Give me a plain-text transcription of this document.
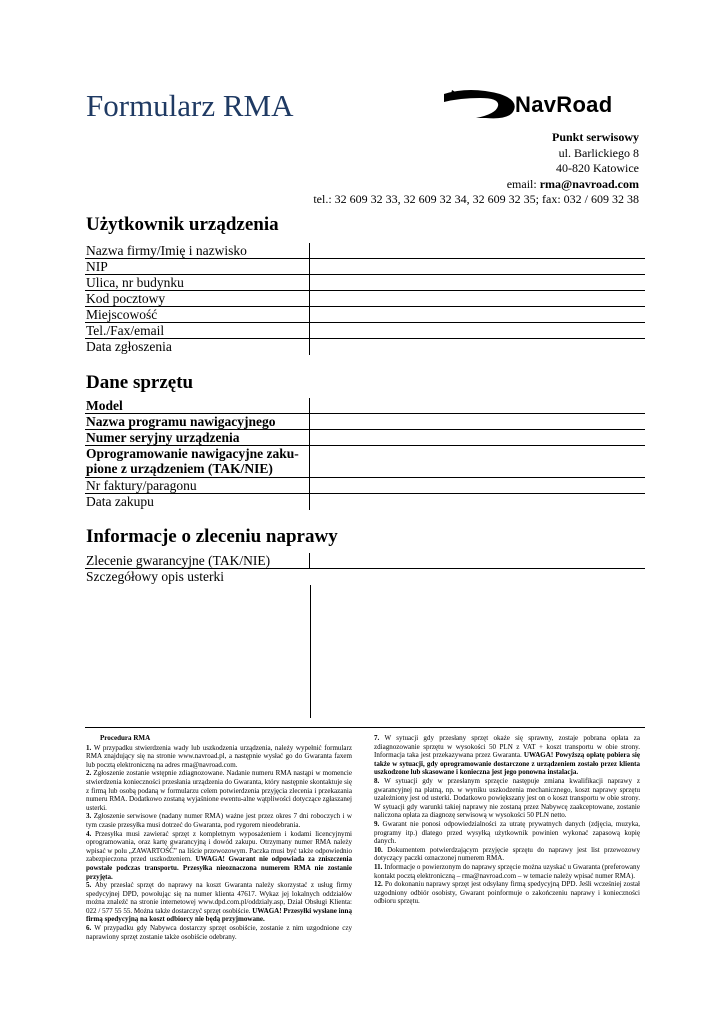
Formularz RMA	NavRoad
Punkt serwisowy
ul. Barlickiego 8
40-820 Katowice
email: rma@navroad.com
tel.: 32 609 32 33, 32 609 32 34, 32 609 32 35; fax: 032 / 609 32 38
Użytkownik urządzenia
Nazwa firmy/Imię i nazwisko
NIP
Ulica, nr budynku
Kod pocztowy
Miejscowość
Tel./Fax/email
Data zgłoszenia
Dane sprzętu
Model
Nazwa programu nawigacyjnego
Numer seryjny urządzenia
Oprogramowanie nawigacyjne zaku-pione z urządzeniem (TAK/NIE)
Nr faktury/paragonu
Data zakupu
Informacje o zleceniu naprawy
Zlecenie gwarancyjne (TAK/NIE)
Szczegółowy opis usterki
Procedura RMA

1. W przypadku stwierdzenia wady lub uszkodzenia urządzenia, należy wypełnić formularz RMA znajdujący się na stronie www.navroad.pl, a następnie wysłać go do Gwaranta faxem lub pocztą elektroniczną na adres rma@navroad.com.

2. Zgłoszenie zostanie wstępnie zdiagnozowane. Nadanie numeru RMA nastąpi w momencie stwierdzenia konieczności przesłania urządzenia do Gwaranta, który następnie skontaktuje się z firmą lub osobą podaną w formularzu celem potwierdzenia przyjęcia zlecenia i przekazania numeru RMA. Dodatkowo zostaną wyjaśnione ewentu-alne wątpliwości dotyczące zgłaszanej usterki.

3. Zgłoszenie serwisowe (nadany numer RMA) ważne jest przez okres 7 dni roboczych i w tym czasie przesyłka musi dotrzeć do Gwaranta, pod rygorem nieodebrania.

4. Przesyłka musi zawierać sprzęt z kompletnym wyposażeniem i kodami licencyjnymi oprogramowania, oraz kartę gwarancyjną i dowód zakupu. Otrzymany numer RMA należy wpisać w polu „ZAWARTOŚĆ” na liście przewozowym. Paczka musi być także odpowiednio zabezpieczona przed uszkodzeniem. UWAGA! Gwarant nie odpowiada za zniszczenia powstałe podczas transportu. Przesyłka nieoznaczona numerem RMA nie zostanie przyjęta.

5. Aby przesłać sprzęt do naprawy na koszt Gwaranta należy skorzystać z usług firmy spedycyjnej DPD, powołując się na numer klienta 47617. Wykaz jej lokalnych oddziałów można znaleźć na stronie internetowej www.dpd.com.pl/oddzialy.asp, Dział Obsługi Klienta: 022 / 577 55 55. Można także dostarczyć sprzęt osobiście. UWAGA! Przesyłki wysłane inną firmą spedycyjną na koszt odbiorcy nie będą przyjmowane.

6. W przypadku gdy Nabywca dostarczy sprzęt osobiście, zostanie z nim uzgodnione czy naprawiony sprzęt zostanie także osobiście odebrany.

7. W sytuacji gdy przesłany sprzęt okaże się sprawny, zostaje pobrana opłata za zdiagnozowanie sprzętu w wysokości 50 PLN z VAT + koszt transportu w obie strony. Informacja taka jest przekazywana przez Gwaranta. UWAGA! Powyższą opłatę pobiera się także w sytuacji, gdy oprogramowanie dostarczone z urządzeniem zostało przez klienta uszkodzone lub skasowane i konieczna jest jego ponowna instalacja.

8. W sytuacji gdy w przesłanym sprzęcie następuje zmiana kwalifikacji naprawy z gwarancyjnej na płatną, np. w wyniku uszkodzenia mechanicznego, koszt naprawy sprzętu uzależniony jest od usterki. Dodatkowo powiększany jest on o koszt transportu w obie strony. W sytuacji gdy warunki takiej naprawy nie zostaną przez Nabywcę zaakceptowane, zostanie naliczona opłata za diagnozę serwisową w wysokości 50 PLN netto.

9. Gwarant nie ponosi odpowiedzialności za utratę prywatnych danych (zdjęcia, muzyka, programy itp.) dlatego przed wysyłką użytkownik powinien wykonać zapasową kopię danych.

10. Dokumentem potwierdzającym przyjęcie sprzętu do naprawy jest list przewozowy dotyczący paczki oznaczonej numerem RMA.

11. Informacje o powierzonym do naprawy sprzęcie można uzyskać u Gwaranta (preferowany kontakt pocztą elektroniczną – rma@navroad.com – w temacie należy wpisać numer RMA).

12. Po dokonaniu naprawy sprzęt jest odsyłany firmą spedycyjną DPD. Jeśli wcześniej został uzgodniony odbiór osobisty, Gwarant poinformuje o zakończeniu naprawy i konieczności odbioru sprzętu.
